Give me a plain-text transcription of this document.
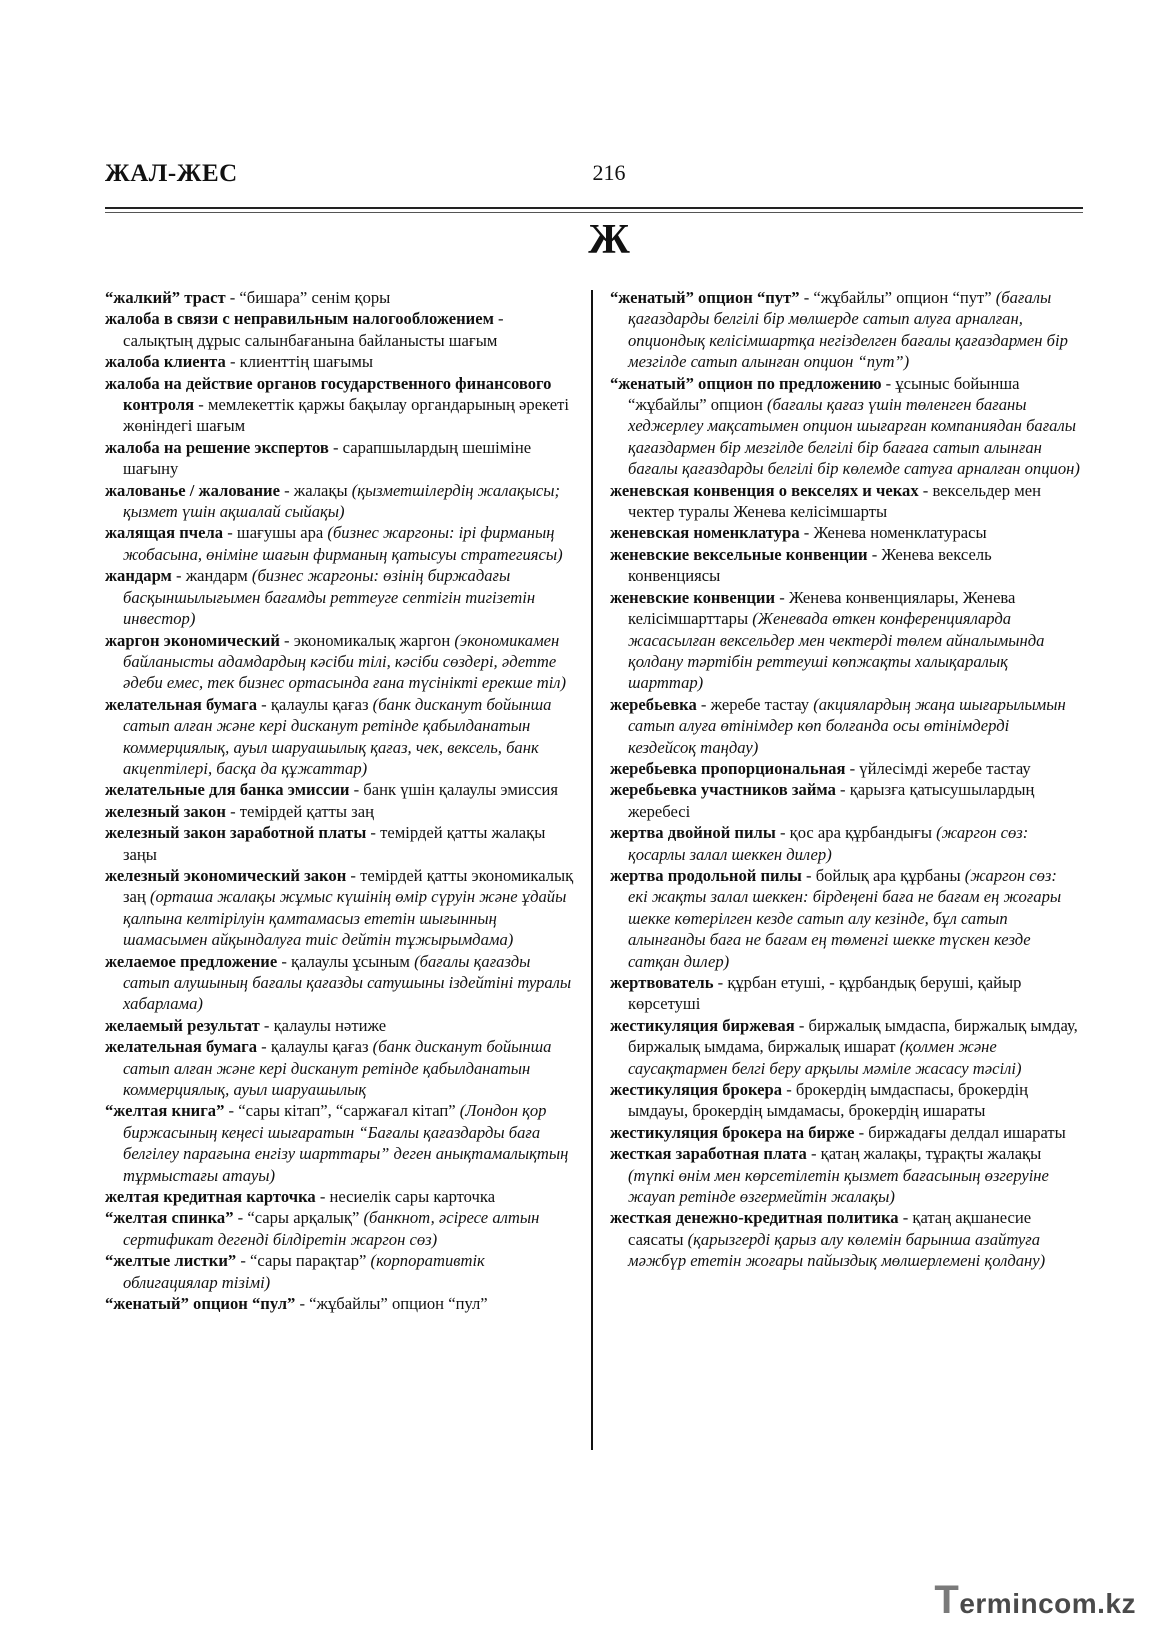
ЖАЛ-ЖЕС	216
Ж

“жалкий” траст - “бишара” сенім қоры

жалоба в связи с неправильным налогообложением - салықтың дұрыс салынбағанына байланысты шағым

жалоба клиента - клиенттің шағымы

жалоба на действие органов государственного финансового контроля - мемлекеттік қаржы бақылау органдарының әрекеті жөніндегі шағым

жалоба на решение экспертов - сарапшылардың шешіміне шағыну

жалованье / жалование - жалақы (қызметшілердің жалақысы; қызмет үшін ақшалай сыйақы)

жалящая пчела - шағушы ара (бизнес жаргоны: ірі фирманың жобасына, өніміне шағын фирманың қатысуы стратегиясы)

жандарм - жандарм (бизнес жаргоны: өзінің биржадағы басқыншылығымен бағамды реттеуге септігін тигізетін инвестор)

жаргон экономический - экономикалық жаргон (экономикамен байланысты адамдардың кәсіби тілі, кәсіби сөздері, әдетте әдеби емес, тек бизнес ортасында ғана түсінікті ерекше тіл)

желательная бумага - қалаулы қағаз (банк дисканут бойынша сатып алған және кері дисканут ретінде қабылданатын коммерциялық, ауыл шаруашылық қағаз, чек, вексель, банк акцептілері, басқа да құжаттар)

желательные для банка эмиссии - банк үшін қалаулы эмиссия

железный закон - темірдей қатты заң

железный закон заработной платы - темірдей қатты жалақы заңы

железный экономический закон - темірдей қатты экономикалық заң (орташа жалақы жұмыс күшінің өмір сүруін және ұдайы қалпына келтірілуін қамтамасыз ететін шығынның шамасымен айқындалуға тиіс дейтін тұжырымдама)

желаемое предложение - қалаулы ұсыным (бағалы қағазды сатып алушының бағалы қағазды сатушыны іздейтіні туралы хабарлама)

желаемый результат - қалаулы нәтиже

желательная бумага - қалаулы қағаз (банк дисканут бойынша сатып алған және кері дисканут ретінде қабылданатын коммерциялық, ауыл шаруашылық

“желтая книга” - “сары кітап”, “саржағал кітап” (Лондон қор биржасының кеңесі шығаратын “Бағалы қағаздарды баға белгілеу парағына енгізу шарттары” деген анықтамалықтың тұрмыстағы атауы)

желтая кредитная карточка - несиелік сары карточка

“желтая спинка” - “сары арқалық” (банкнот, әсіресе алтын сертификат дегенді білдіретін жаргон сөз)

“желтые листки” - “сары парақтар” (корпоративтік облигациялар тізімі)

“женатый” опцион “пул” - “жұбайлы” опцион “пул”

“женатый” опцион “пут” - “жұбайлы” опцион “пут” (бағалы қағаздарды белгілі бір мөлшерде сатып алуға арналған, опциондық келісімшартқа негізделген бағалы қағаздармен бір мезгілде сатып алынған опцион “пут”)

“женатый” опцион по предложению - ұсыныс бойынша “жұбайлы” опцион (бағалы қағаз үшін төленген бағаны хеджерлеу мақсатымен опцион шығарған компаниядан бағалы қағаздармен бір мезгілде белгілі бір бағаға сатып алынған бағалы қағаздарды белгілі бір көлемде сатуға арналған опцион)

женевская конвенция о векселях и чеках - вексельдер мен чектер туралы Женева келісімшарты

женевская номенклатура - Женева номенклатурасы

женевские вексельные конвенции - Женева вексель конвенциясы

женевские конвенции - Женева конвенциялары, Женева келісімшарттары (Женевада өткен конференцияларда жасасылған вексельдер мен чектерді төлем айналымында қолдану тәртібін реттеуші көпжақты халықаралық шарттар)

жеребьевка - жеребе тастау (акциялардың жаңа шығарылымын сатып алуға өтінімдер көп болғанда осы өтінімдерді кездейсоқ таңдау)

жеребьевка пропорциональная - үйлесімді жеребе тастау

жеребьевка участников займа - қарызға қатысушылардың жеребесі

жертва двойной пилы - қос ара құрбандығы (жаргон сөз: қосарлы залал шеккен дилер)

жертва продольной пилы - бойлық ара құрбаны (жаргон сөз: екі жақты залал шеккен: бірдеңені баға не бағам ең жоғары шекке көтерілген кезде сатып алу кезінде, бұл сатып алынғанды баға не бағам ең төменгі шекке түскен кезде сатқан дилер)

жертвователь - құрбан етуші, - құрбандық беруші, қайыр көрсетуші

жестикуляция биржевая - биржалық ымдаспа, биржалық ымдау, биржалық ымдама, биржалық ишарат (қолмен және саусақтармен белгі беру арқылы мәміле жасасу тәсілі)

жестикуляция брокера - брокердің ымдаспасы, брокердің ымдауы, брокердің ымдамасы, брокердің ишараты

жестикуляция брокера на бирже - биржадағы делдал ишараты

жесткая заработная плата - қатаң жалақы, тұрақты жалақы (түпкі өнім мен көрсетілетін қызмет бағасының өзгеруіне жауап ретінде өзгермейтін жалақы)

жесткая денежно-кредитная политика - қатаң ақшанесие саясаты (қарызгерді қарыз алу көлемін барынша азайтуға мәжбүр ететін жоғары пайыздық мөлшерлемені қолдану)

Termincom.kz
